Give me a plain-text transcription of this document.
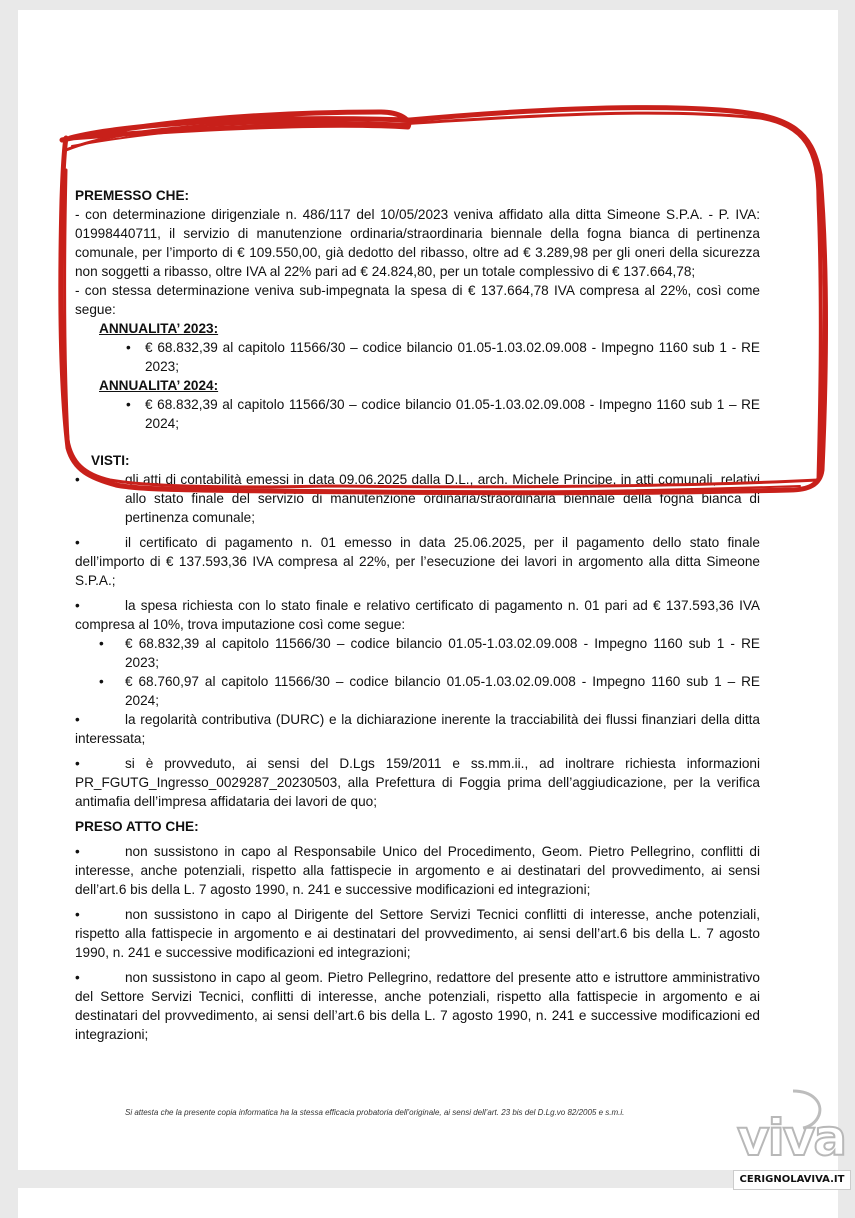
PREMESSO CHE:

- con determinazione dirigenziale n. 486/117 del 10/05/2023 veniva affidato alla ditta Simeone S.P.A. - P. IVA: 01998440711, il servizio di manutenzione ordinaria/straordinaria biennale della fogna bianca di pertinenza comunale, per l’importo di € 109.550,00, già dedotto del ribasso, oltre ad € 3.289,98 per gli oneri della sicurezza non soggetti a ribasso, oltre IVA al 22% pari ad € 24.824,80, per un totale complessivo di € 137.664,78;

- con stessa determinazione veniva sub-impegnata la spesa di € 137.664,78 IVA compresa al 22%, così come segue:

ANNUALITA’ 2023:

• € 68.832,39 al capitolo 11566/30 – codice bilancio 01.05-1.03.02.09.008 - Impegno 1160 sub 1 - RE 2023;

ANNUALITA’ 2024:

• € 68.832,39 al capitolo 11566/30 – codice bilancio 01.05-1.03.02.09.008 - Impegno 1160 sub 1 – RE 2024;

VISTI:

•	gli atti di contabilità emessi in data 09.06.2025 dalla D.L., arch. Michele Principe, in atti comunali, relativi allo stato finale del servizio di manutenzione ordinaria/straordinaria biennale della fogna bianca di pertinenza comunale;

•	il certificato di pagamento n. 01 emesso in data 25.06.2025, per il pagamento dello stato finale dell’importo di € 137.593,36 IVA compresa al 22%, per l’esecuzione dei lavori in argomento alla ditta Simeone S.P.A.;

•	la spesa richiesta con lo stato finale e relativo certificato di pagamento n. 01 pari ad € 137.593,36 IVA compresa al 10%, trova imputazione così come segue:

• € 68.832,39 al capitolo 11566/30 – codice bilancio 01.05-1.03.02.09.008 - Impegno 1160 sub 1 - RE 2023;

• € 68.760,97 al capitolo 11566/30 – codice bilancio 01.05-1.03.02.09.008 - Impegno 1160 sub 1 – RE 2024;

•	la regolarità contributiva (DURC) e la dichiarazione inerente la tracciabilità dei flussi finanziari della ditta interessata;

•	si è provveduto, ai sensi del D.Lgs 159/2011 e ss.mm.ii., ad inoltrare richiesta informazioni PR_FGUTG_Ingresso_0029287_20230503, alla Prefettura di Foggia prima dell’aggiudicazione, per la verifica antimafia dell’impresa affidataria dei lavori de quo;

PRESO ATTO CHE:

•	non sussistono in capo al Responsabile Unico del Procedimento, Geom. Pietro Pellegrino, conflitti di interesse, anche potenziali, rispetto alla fattispecie in argomento e ai destinatari del provvedimento, ai sensi dell’art.6 bis della L. 7 agosto 1990, n. 241 e successive modificazioni ed integrazioni;

•	non sussistono in capo al Dirigente del Settore Servizi Tecnici conflitti di interesse, anche potenziali, rispetto alla fattispecie in argomento e ai destinatari del provvedimento, ai sensi dell’art.6 bis della L. 7 agosto 1990, n. 241 e successive modificazioni ed integrazioni;

•	non sussistono in capo al geom. Pietro Pellegrino, redattore del presente atto e istruttore amministrativo del Settore Servizi Tecnici, conflitti di interesse, anche potenziali, rispetto alla fattispecie in argomento e ai destinatari del provvedimento, ai sensi dell’art.6 bis della L. 7 agosto 1990, n. 241 e successive modificazioni ed integrazioni;

Si attesta che la presente copia informatica ha la stessa efficacia probatoria dell’originale, ai sensi dell’art. 23 bis del D.Lg.vo 82/2005 e s.m.i.	viva
CERIGNOLAVIVA.IT
